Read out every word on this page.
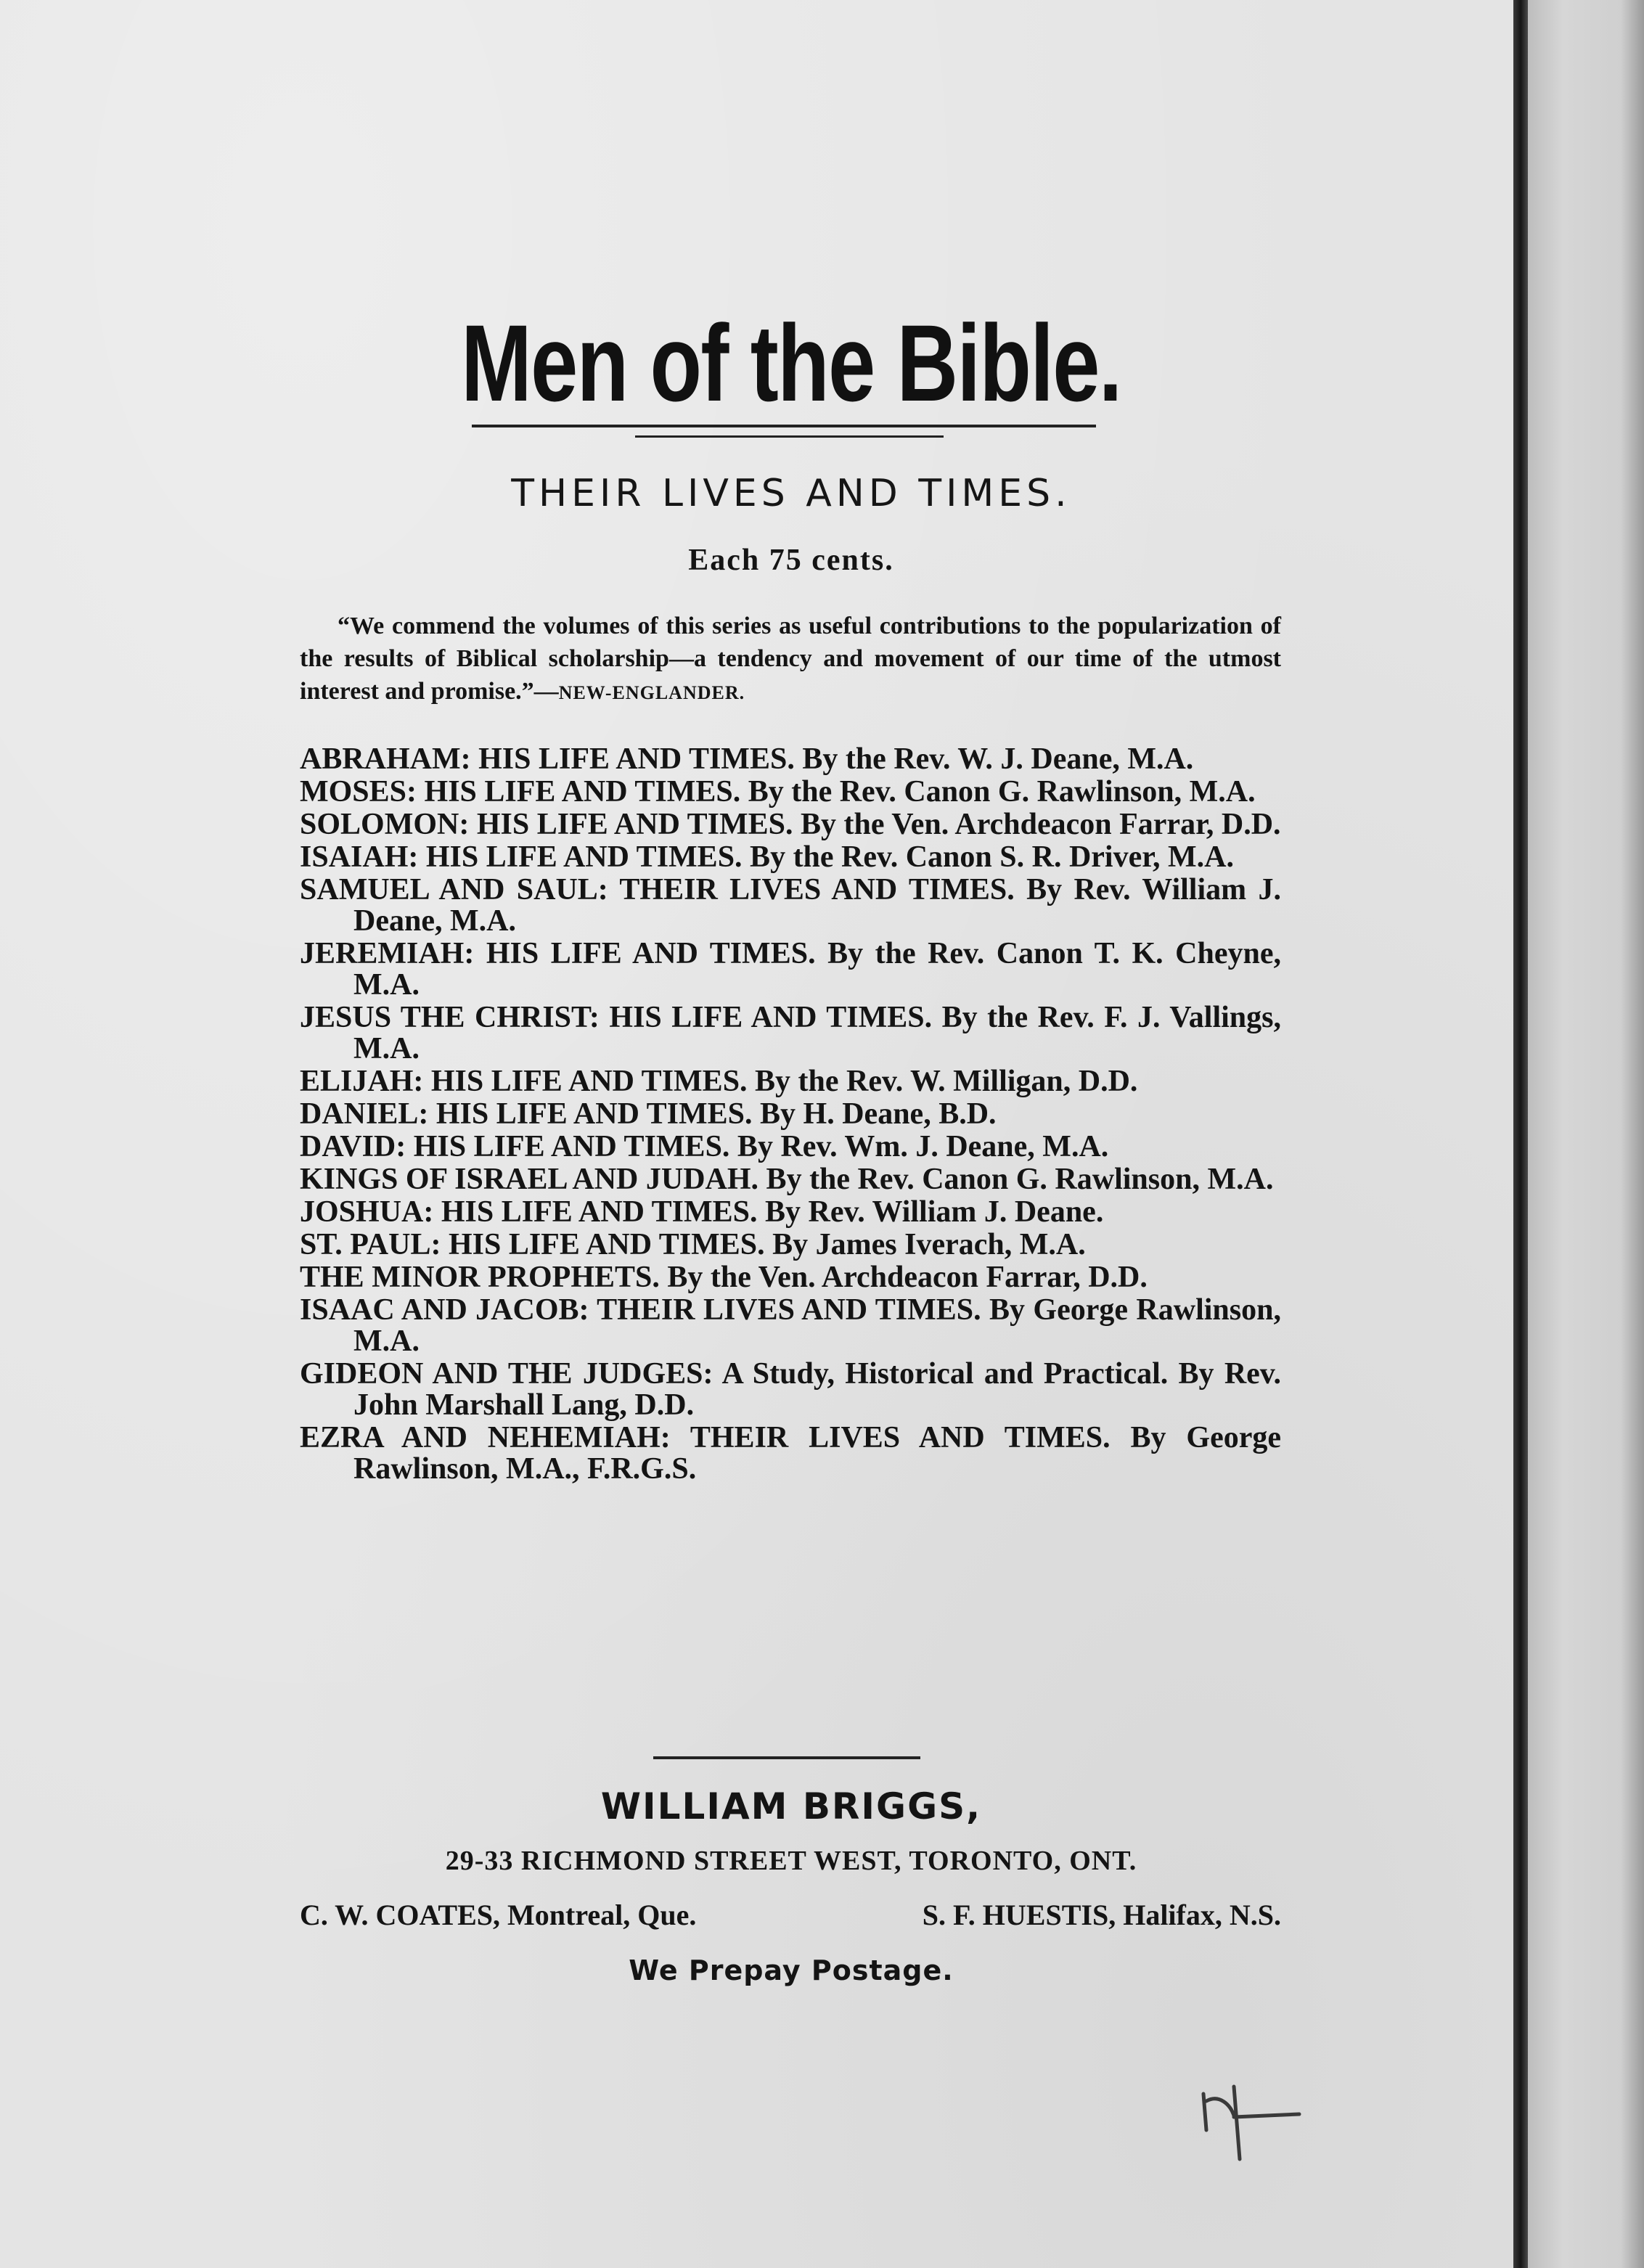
Men of the Bible.
THEIR LIVES AND TIMES.
Each 75 cents.
“We commend the volumes of this series as useful contributions to the popularization of the results of Biblical scholarship—a tendency and movement of our time of the utmost interest and promise.”—NEW-ENGLANDER.
ABRAHAM: HIS LIFE AND TIMES. By the Rev. W. J. Deane, M.A.
MOSES: HIS LIFE AND TIMES. By the Rev. Canon G. Rawlinson, M.A.
SOLOMON: HIS LIFE AND TIMES. By the Ven. Archdeacon Farrar, D.D.
ISAIAH: HIS LIFE AND TIMES. By the Rev. Canon S. R. Driver, M.A.
SAMUEL AND SAUL: THEIR LIVES AND TIMES. By Rev. William J. Deane, M.A.
JEREMIAH: HIS LIFE AND TIMES. By the Rev. Canon T. K. Cheyne, M.A.
JESUS THE CHRIST: HIS LIFE AND TIMES. By the Rev. F. J. Vallings, M.A.
ELIJAH: HIS LIFE AND TIMES. By the Rev. W. Milligan, D.D.
DANIEL: HIS LIFE AND TIMES. By H. Deane, B.D.
DAVID: HIS LIFE AND TIMES. By Rev. Wm. J. Deane, M.A.
KINGS OF ISRAEL AND JUDAH. By the Rev. Canon G. Rawlinson, M.A.
JOSHUA: HIS LIFE AND TIMES. By Rev. William J. Deane.
ST. PAUL: HIS LIFE AND TIMES. By James Iverach, M.A.
THE MINOR PROPHETS. By the Ven. Archdeacon Farrar, D.D.
ISAAC AND JACOB: THEIR LIVES AND TIMES. By George Rawlinson, M.A.
GIDEON AND THE JUDGES: A Study, Historical and Practical. By Rev. John Marshall Lang, D.D.
EZRA AND NEHEMIAH: THEIR LIVES AND TIMES. By George Rawlinson, M.A., F.R.G.S.
WILLIAM BRIGGS,
29-33 RICHMOND STREET WEST, TORONTO, ONT.
C. W. COATES, Montreal, Que.	S. F. HUESTIS, Halifax, N.S.
We Prepay Postage.
